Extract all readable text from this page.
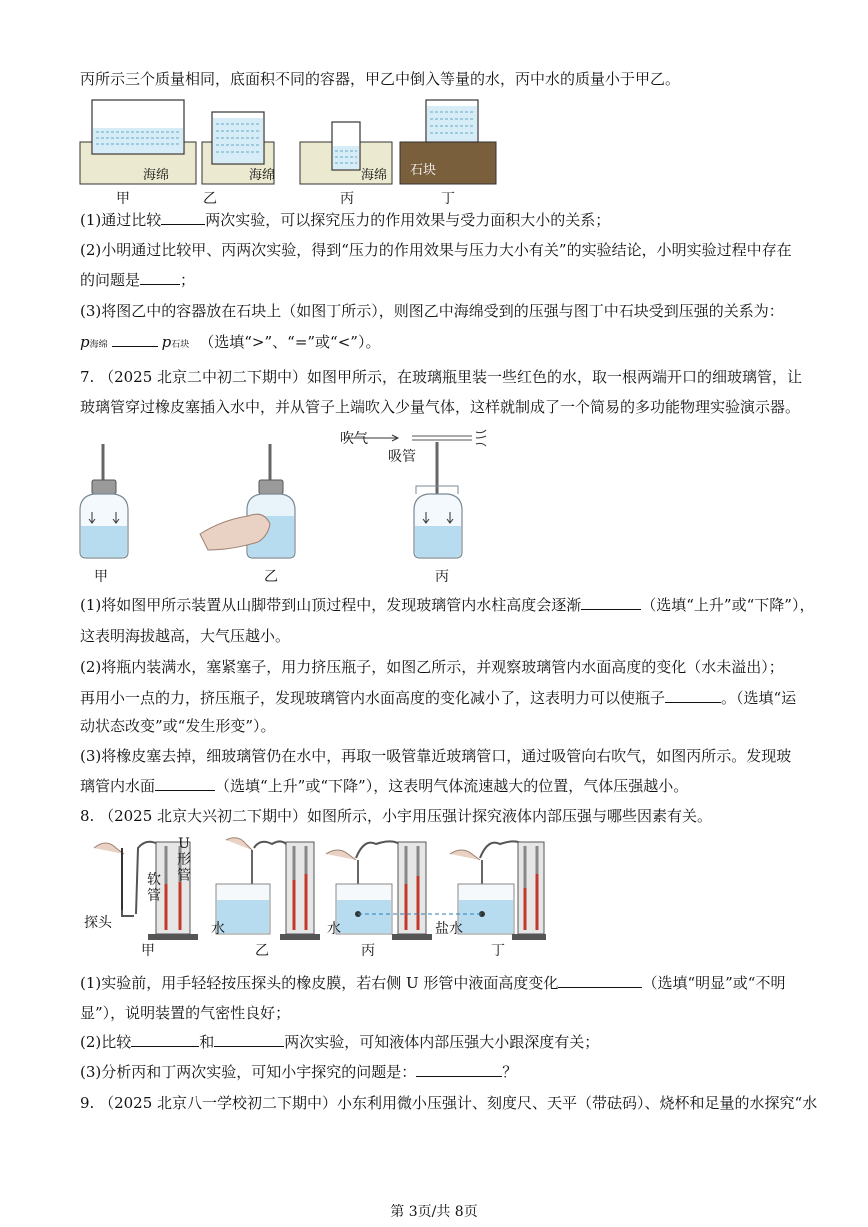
丙所示三个质量相同，底面积不同的容器，甲乙中倒入等量的水，丙中水的质量小于甲乙。
海绵	海绵	海绵	石块
甲	乙	丙	丁
(1)通过比较	两次实验，可以探究压力的作用效果与受力面积大小的关系；
(2)小明通过比较甲、丙两次实验，得到“压力的作用效果与压力大小有关”的实验结论，小明实验过程中存在
的问题是	；
(3)将图乙中的容器放在石块上（如图丁所示），则图乙中海绵受到的压强与图丁中石块受到压强的关系为：
p海绵	p石块 （选填“>”、“=”或“<”）。
7. （2025 北京二中初二下期中）如图甲所示，在玻璃瓶里装一些红色的水，取一根两端开口的细玻璃管，让
玻璃管穿过橡皮塞插入水中，并从管子上端吹入少量气体，这样就制成了一个简易的多功能物理实验演示器。
吹气
吸管
甲	乙	丙
(1)将如图甲所示装置从山脚带到山顶过程中，发现玻璃管内水柱高度会逐渐	（选填“上升”或“下降”），
这表明海拔越高，大气压越小。
(2)将瓶内装满水，塞紧塞子，用力挤压瓶子，如图乙所示，并观察玻璃管内水面高度的变化（水未溢出）；
再用小一点的力，挤压瓶子，发现玻璃管内水面高度的变化减小了，这表明力可以使瓶子	。（选填“运
动状态改变”或“发生形变”）。
(3)将橡皮塞去掉，细玻璃管仍在水中，再取一吸管靠近玻璃管口，通过吸管向右吹气，如图丙所示。发现玻
璃管内水面	（选填“上升”或“下降”），这表明气体流速越大的位置，气体压强越小。
8. （2025 北京大兴初二下期中）如图所示，小宇用压强计探究液体内部压强与哪些因素有关。
U形管
软管
探头	水	水	盐水
甲	乙	丙	丁
(1)实验前，用手轻轻按压探头的橡皮膜，若右侧 U 形管中液面高度变化	（选填“明显”或“不明
显”），说明装置的气密性良好；
(2)比较	和	两次实验，可知液体内部压强大小跟深度有关；
(3)分析丙和丁两次实验，可知小宇探究的问题是：	？
9. （2025 北京八一学校初二下期中）小东利用微小压强计、刻度尺、天平（带砝码）、烧杯和足量的水探究“水
第 3页/共 8页
